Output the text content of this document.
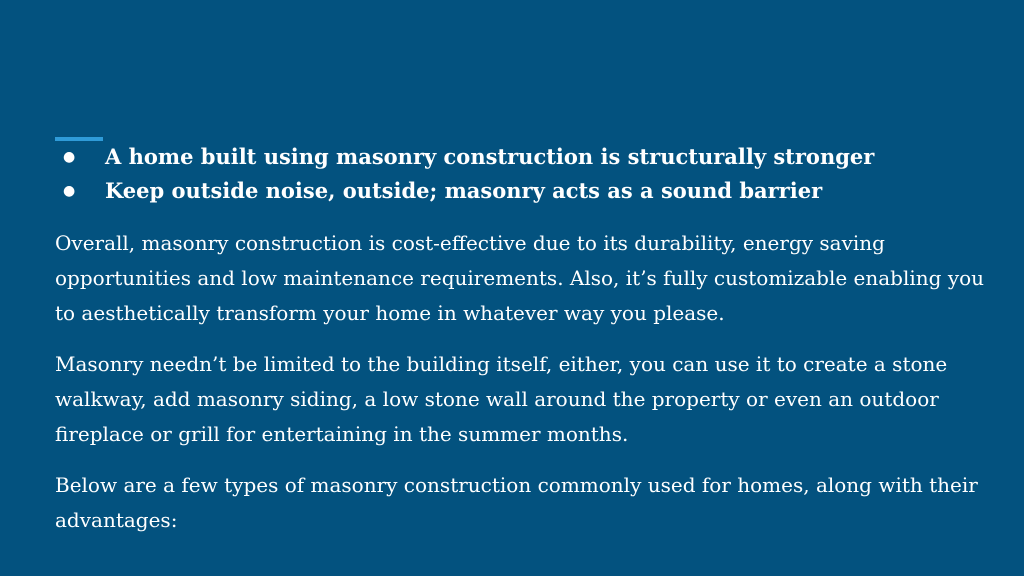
● A home built using masonry construction is structurally stronger
● Keep outside noise, outside; masonry acts as a sound barrier

Overall, masonry construction is cost-effective due to its durability, energy saving opportunities and low maintenance requirements. Also, it’s fully customizable enabling you to aesthetically transform your home in whatever way you please.

Masonry needn’t be limited to the building itself, either, you can use it to create a stone walkway, add masonry siding, a low stone wall around the property or even an outdoor fireplace or grill for entertaining in the summer months.

Below are a few types of masonry construction commonly used for homes, along with their advantages:
